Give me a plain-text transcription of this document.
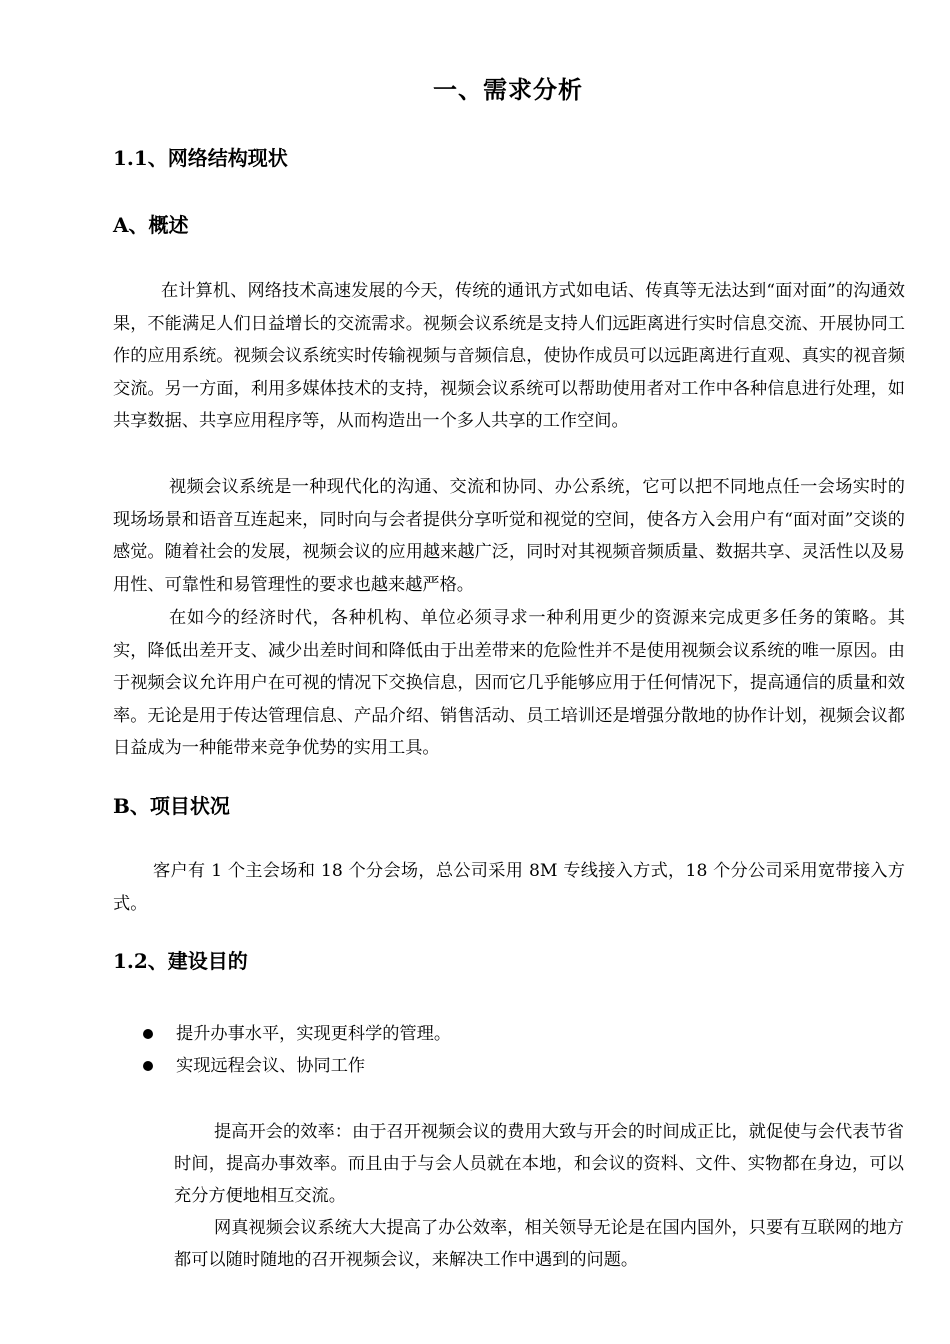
一、需求分析
1.1、网络结构现状
A、概述

在计算机、网络技术高速发展的今天，传统的通讯方式如电话、传真等无法达到“面对面”的沟通效果，不能满足人们日益增长的交流需求。视频会议系统是支持人们远距离进行实时信息交流、开展协同工作的应用系统。视频会议系统实时传输视频与音频信息，使协作成员可以远距离进行直观、真实的视音频交流。另一方面，利用多媒体技术的支持，视频会议系统可以帮助使用者对工作中各种信息进行处理，如共享数据、共享应用程序等，从而构造出一个多人共享的工作空间。

视频会议系统是一种现代化的沟通、交流和协同、办公系统，它可以把不同地点任一会场实时的现场场景和语音互连起来，同时向与会者提供分享听觉和视觉的空间，使各方入会用户有“面对面”交谈的感觉。随着社会的发展，视频会议的应用越来越广泛，同时对其视频音频质量、数据共享、灵活性以及易用性、可靠性和易管理性的要求也越来越严格。

在如今的经济时代，各种机构、单位必须寻求一种利用更少的资源来完成更多任务的策略。其实，降低出差开支、减少出差时间和降低由于出差带来的危险性并不是使用视频会议系统的唯一原因。由于视频会议允许用户在可视的情况下交换信息，因而它几乎能够应用于任何情况下，提高通信的质量和效率。无论是用于传达管理信息、产品介绍、销售活动、员工培训还是增强分散地的协作计划，视频会议都日益成为一种能带来竞争优势的实用工具。

B、项目状况

客户有 1 个主会场和 18 个分会场，总公司采用 8M 专线接入方式，18 个分公司采用宽带接入方式。

1.2、建设目的
提升办事水平，实现更科学的管理。
实现远程会议、协同工作

提高开会的效率：由于召开视频会议的费用大致与开会的时间成正比，就促使与会代表节省时间，提高办事效率。而且由于与会人员就在本地，和会议的资料、文件、实物都在身边，可以充分方便地相互交流。

网真视频会议系统大大提高了办公效率，相关领导无论是在国内国外，只要有互联网的地方都可以随时随地的召开视频会议，来解决工作中遇到的问题。
